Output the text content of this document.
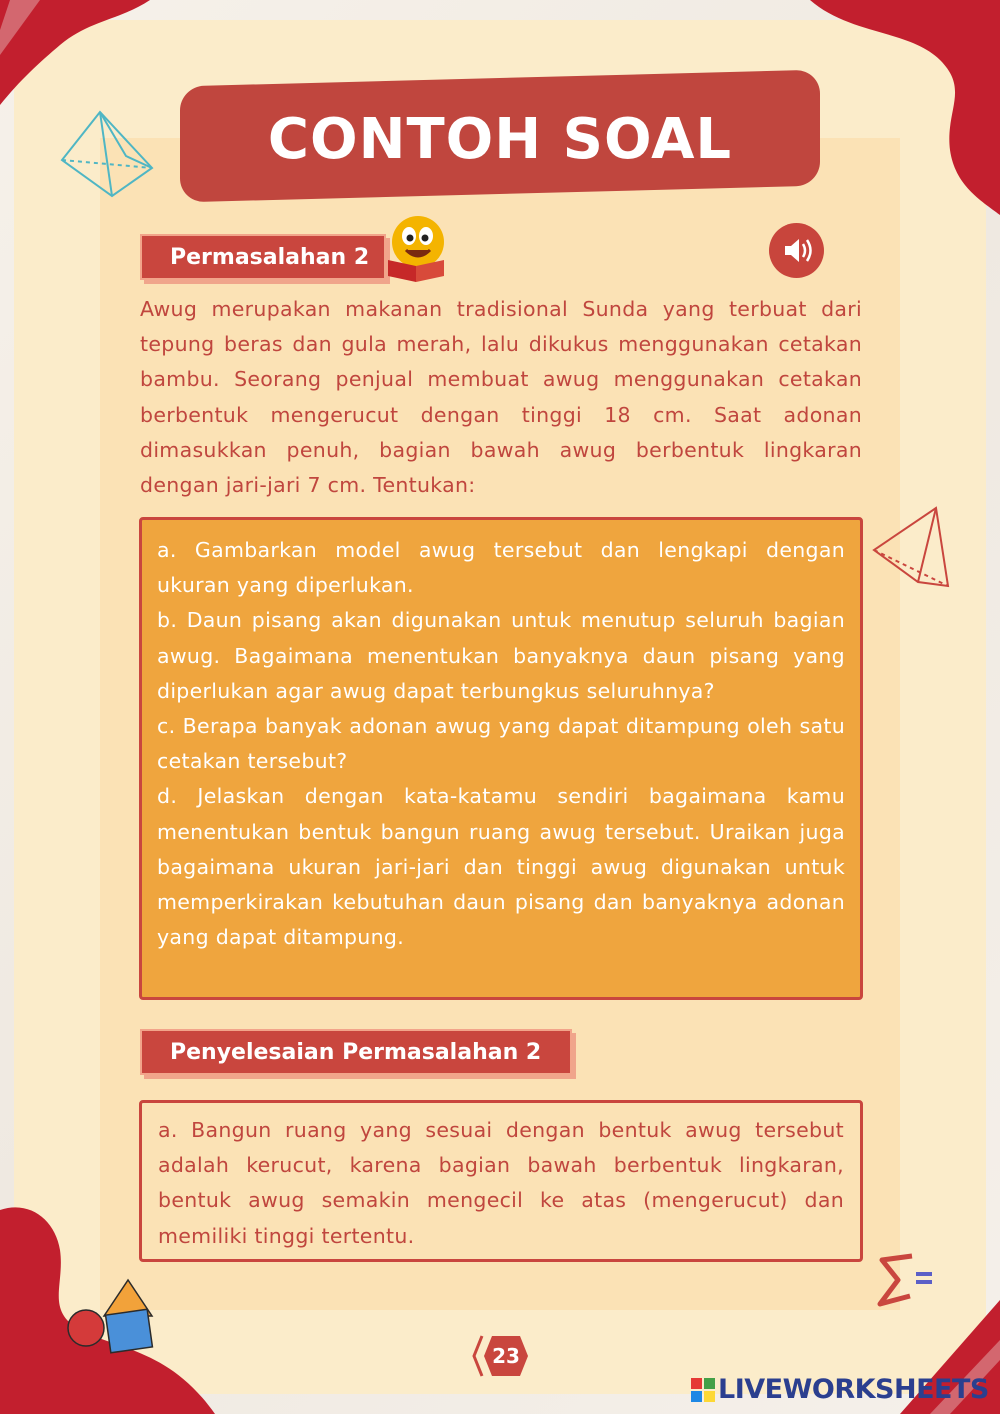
CONTOH SOAL
Permasalahan 2

Awug merupakan makanan tradisional Sunda yang terbuat dari tepung beras dan gula merah, lalu dikukus menggunakan cetakan bambu. Seorang penjual membuat awug menggunakan cetakan berbentuk mengerucut dengan tinggi 18 cm. Saat adonan dimasukkan penuh, bagian bawah awug berbentuk lingkaran dengan jari-jari 7 cm. Tentukan:

a. Gambarkan model awug tersebut dan lengkapi dengan ukuran yang diperlukan.

b. Daun pisang akan digunakan untuk menutup seluruh bagian awug. Bagaimana menentukan banyaknya daun pisang yang diperlukan agar awug dapat terbungkus seluruhnya?

c. Berapa banyak adonan awug yang dapat ditampung oleh satu cetakan tersebut?

d. Jelaskan dengan kata-katamu sendiri bagaimana kamu menentukan bentuk bangun ruang awug tersebut. Uraikan juga bagaimana ukuran jari-jari dan tinggi awug digunakan untuk memperkirakan kebutuhan daun pisang dan banyaknya adonan yang dapat ditampung.

Penyelesaian Permasalahan 2

a. Bangun ruang yang sesuai dengan bentuk awug tersebut adalah kerucut, karena bagian bawah berbentuk lingkaran, bentuk awug semakin mengecil ke atas (mengerucut) dan memiliki tinggi tertentu.

23
LIVEWORKSHEETS
